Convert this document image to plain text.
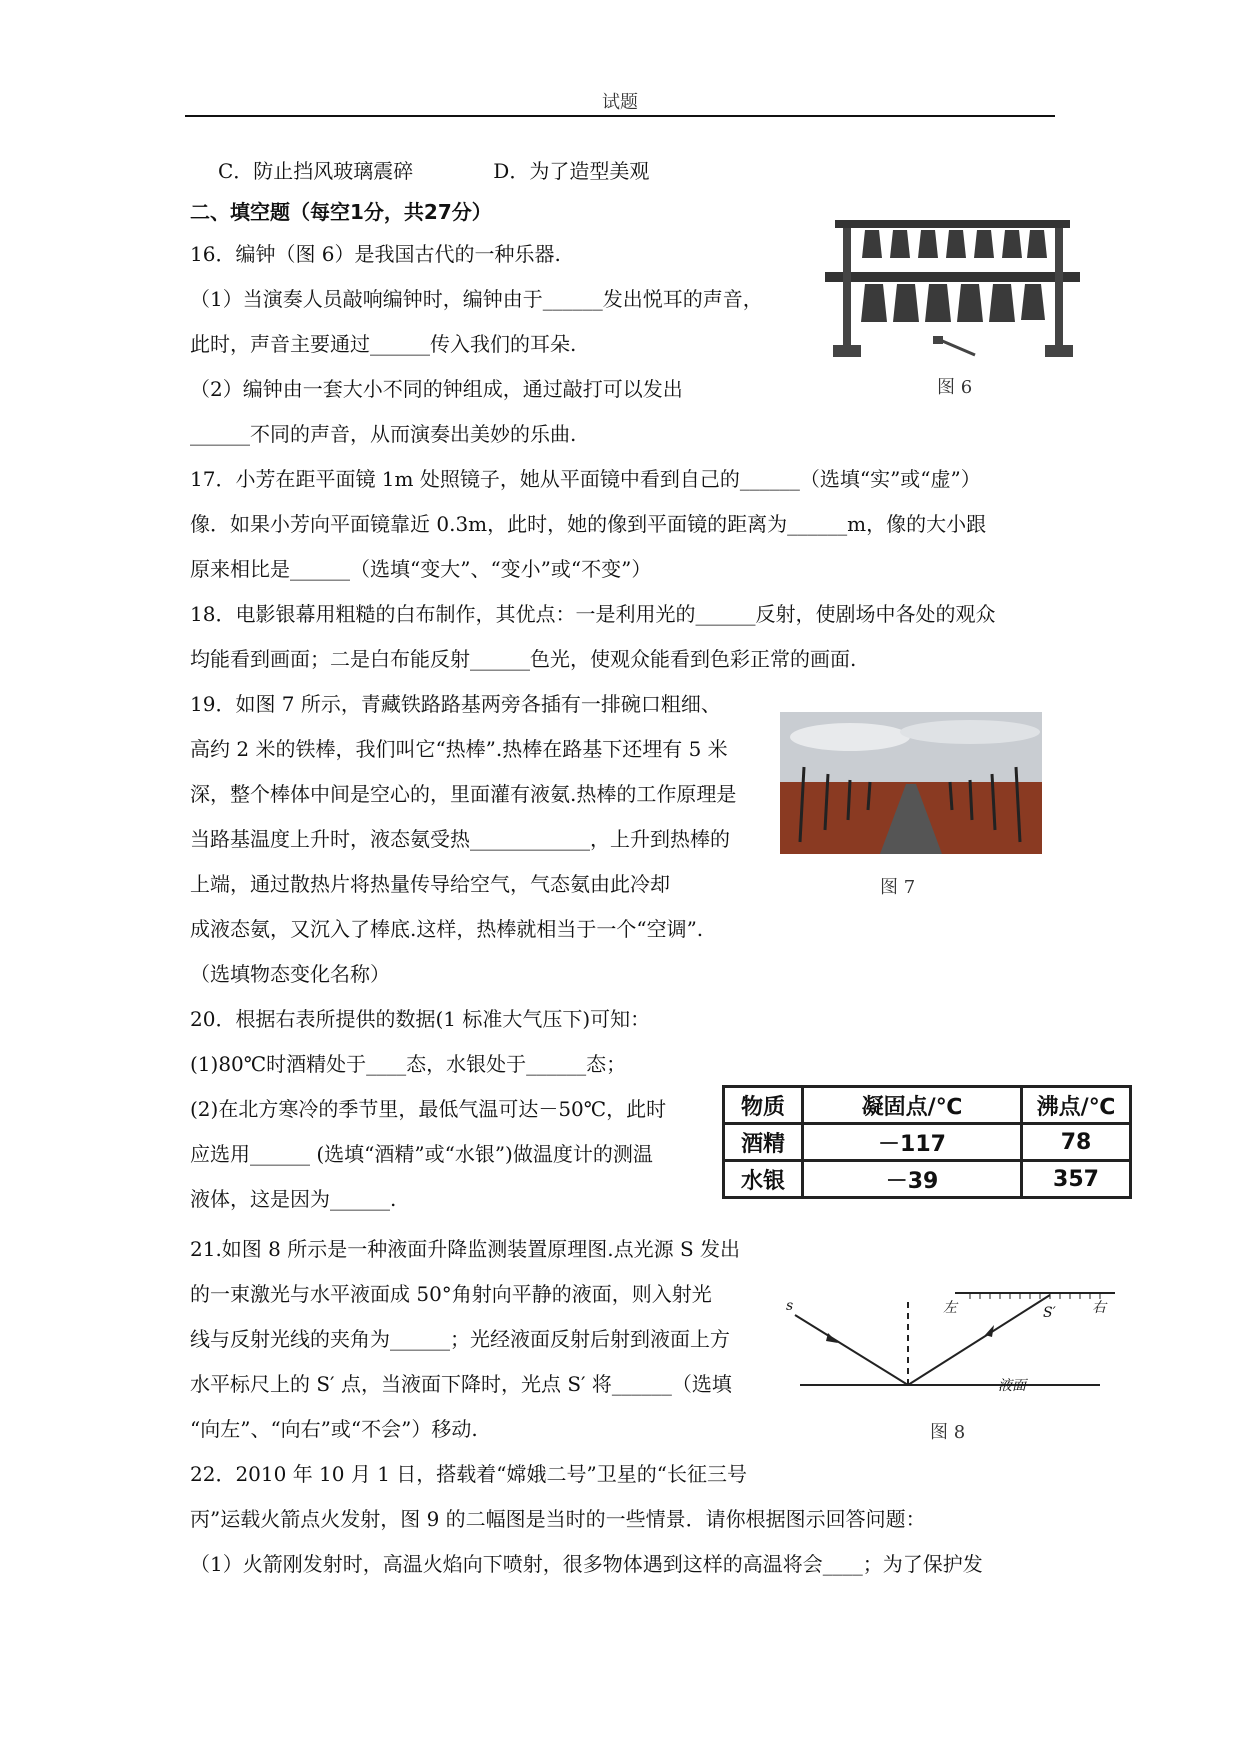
试题
C．防止挡风玻璃震碎　　　　D．为了造型美观
二、填空题（每空1分，共27分）
16．编钟（图 6）是我国古代的一种乐器.
（1）当演奏人员敲响编钟时，编钟由于______发出悦耳的声音，
此时，声音主要通过______传入我们的耳朵.
（2）编钟由一套大小不同的钟组成，通过敲打可以发出
______不同的声音，从而演奏出美妙的乐曲.
17．小芳在距平面镜 1m 处照镜子，她从平面镜中看到自己的______（选填“实”或“虚”）
像．如果小芳向平面镜靠近 0.3m，此时，她的像到平面镜的距离为______m，像的大小跟
原来相比是______（选填“变大”、“变小”或“不变”）
18．电影银幕用粗糙的白布制作，其优点：一是利用光的______反射，使剧场中各处的观众
均能看到画面；二是白布能反射______色光，使观众能看到色彩正常的画面.
19．如图 7 所示，青藏铁路路基两旁各插有一排碗口粗细、
高约 2 米的铁棒，我们叫它“热棒”.热棒在路基下还埋有 5 米
深，整个棒体中间是空心的，里面灌有液氨.热棒的工作原理是
当路基温度上升时，液态氨受热____________，上升到热棒的
上端，通过散热片将热量传导给空气，气态氨由此冷却
成液态氨，又沉入了棒底.这样，热棒就相当于一个“空调”.
（选填物态变化名称）
20．根据右表所提供的数据(1 标准大气压下)可知：
(1)80℃时酒精处于____态，水银处于______态；
(2)在北方寒冷的季节里，最低气温可达－50℃，此时
应选用______ (选填“酒精”或“水银”)做温度计的测温
液体，这是因为______.
21.如图 8 所示是一种液面升降监测装置原理图.点光源 S 发出
的一束激光与水平液面成 50°角射向平静的液面，则入射光
线与反射光线的夹角为______；光经液面反射后射到液面上方
水平标尺上的 S′ 点，当液面下降时，光点 S′ 将______（选填
“向左”、“向右”或“不会”）移动.
22．2010 年 10 月 1 日，搭载着“嫦娥二号”卫星的“长征三号
丙”运载火箭点火发射，图 9 的二幅图是当时的一些情景．请你根据图示回答问题：
（1）火箭刚发射时，高温火焰向下喷射，很多物体遇到这样的高温将会____；为了保护发
图 6
图 7
物质	凝固点/℃	沸点/℃
酒精	－117	78
水银	－39	357
s	左	S′	右
液面
图 8
